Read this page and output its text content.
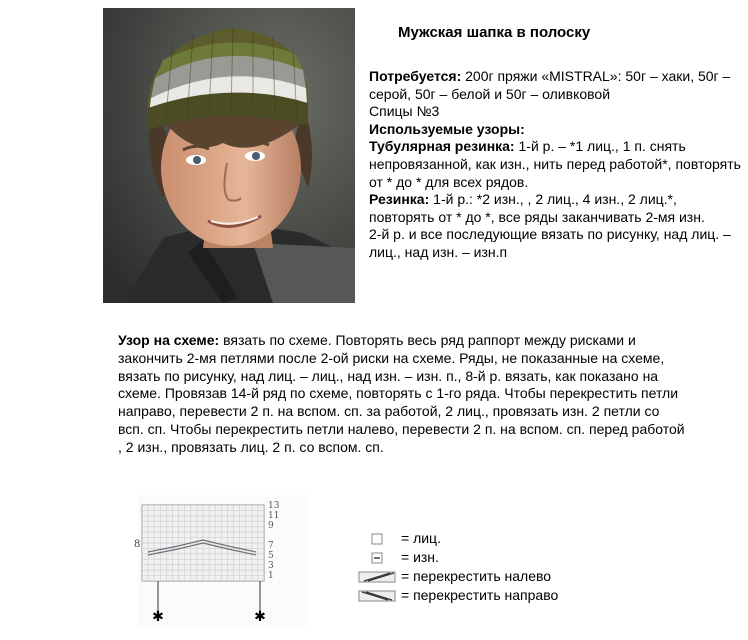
Мужская шапка в полоску

Потребуется: 200г пряжи «MISTRAL»: 50г – хаки, 50г – серой, 50г – белой и 50г – оливковой

Спицы №3

Используемые узоры:

Тубулярная резинка: 1-й р. – *1 лиц., 1 п. снять непровязанной, как изн., нить перед работой*, повторять от * до * для всех рядов.

Резинка: 1-й р.: *2 изн., , 2 лиц., 4 изн., 2 лиц.*, повторять от * до *, все ряды заканчивать 2-мя изн.

2-й р. и все последующие вязать по рисунку, над лиц. – лиц., над изн. – изн.п

Узор на схеме: вязать по схеме. Повторять весь ряд раппорт между рисками и закончить 2-мя петлями после 2-ой риски на схеме. Ряды, не показанные на схеме, вязать по рисунку, над лиц. – лиц., над изн. – изн. п., 8-й р. вязать, как показано на схеме. Провязав 14-й ряд по схеме, повторять с 1-го ряда. Чтобы перекрестить петли направо, перевести 2 п. на вспом. сп. за работой, 2 лиц., провязать изн. 2 петли со всп. сп. Чтобы перекрестить петли налево, перевести 2 п. на вспом. сп. перед работой , 2 изн., провязать лиц. 2 п. со вспом. сп.
✱	✱
8
13
11
9
7
5
3
1
= лиц.
= изн.
= перекрестить налево
= перекрестить направо
